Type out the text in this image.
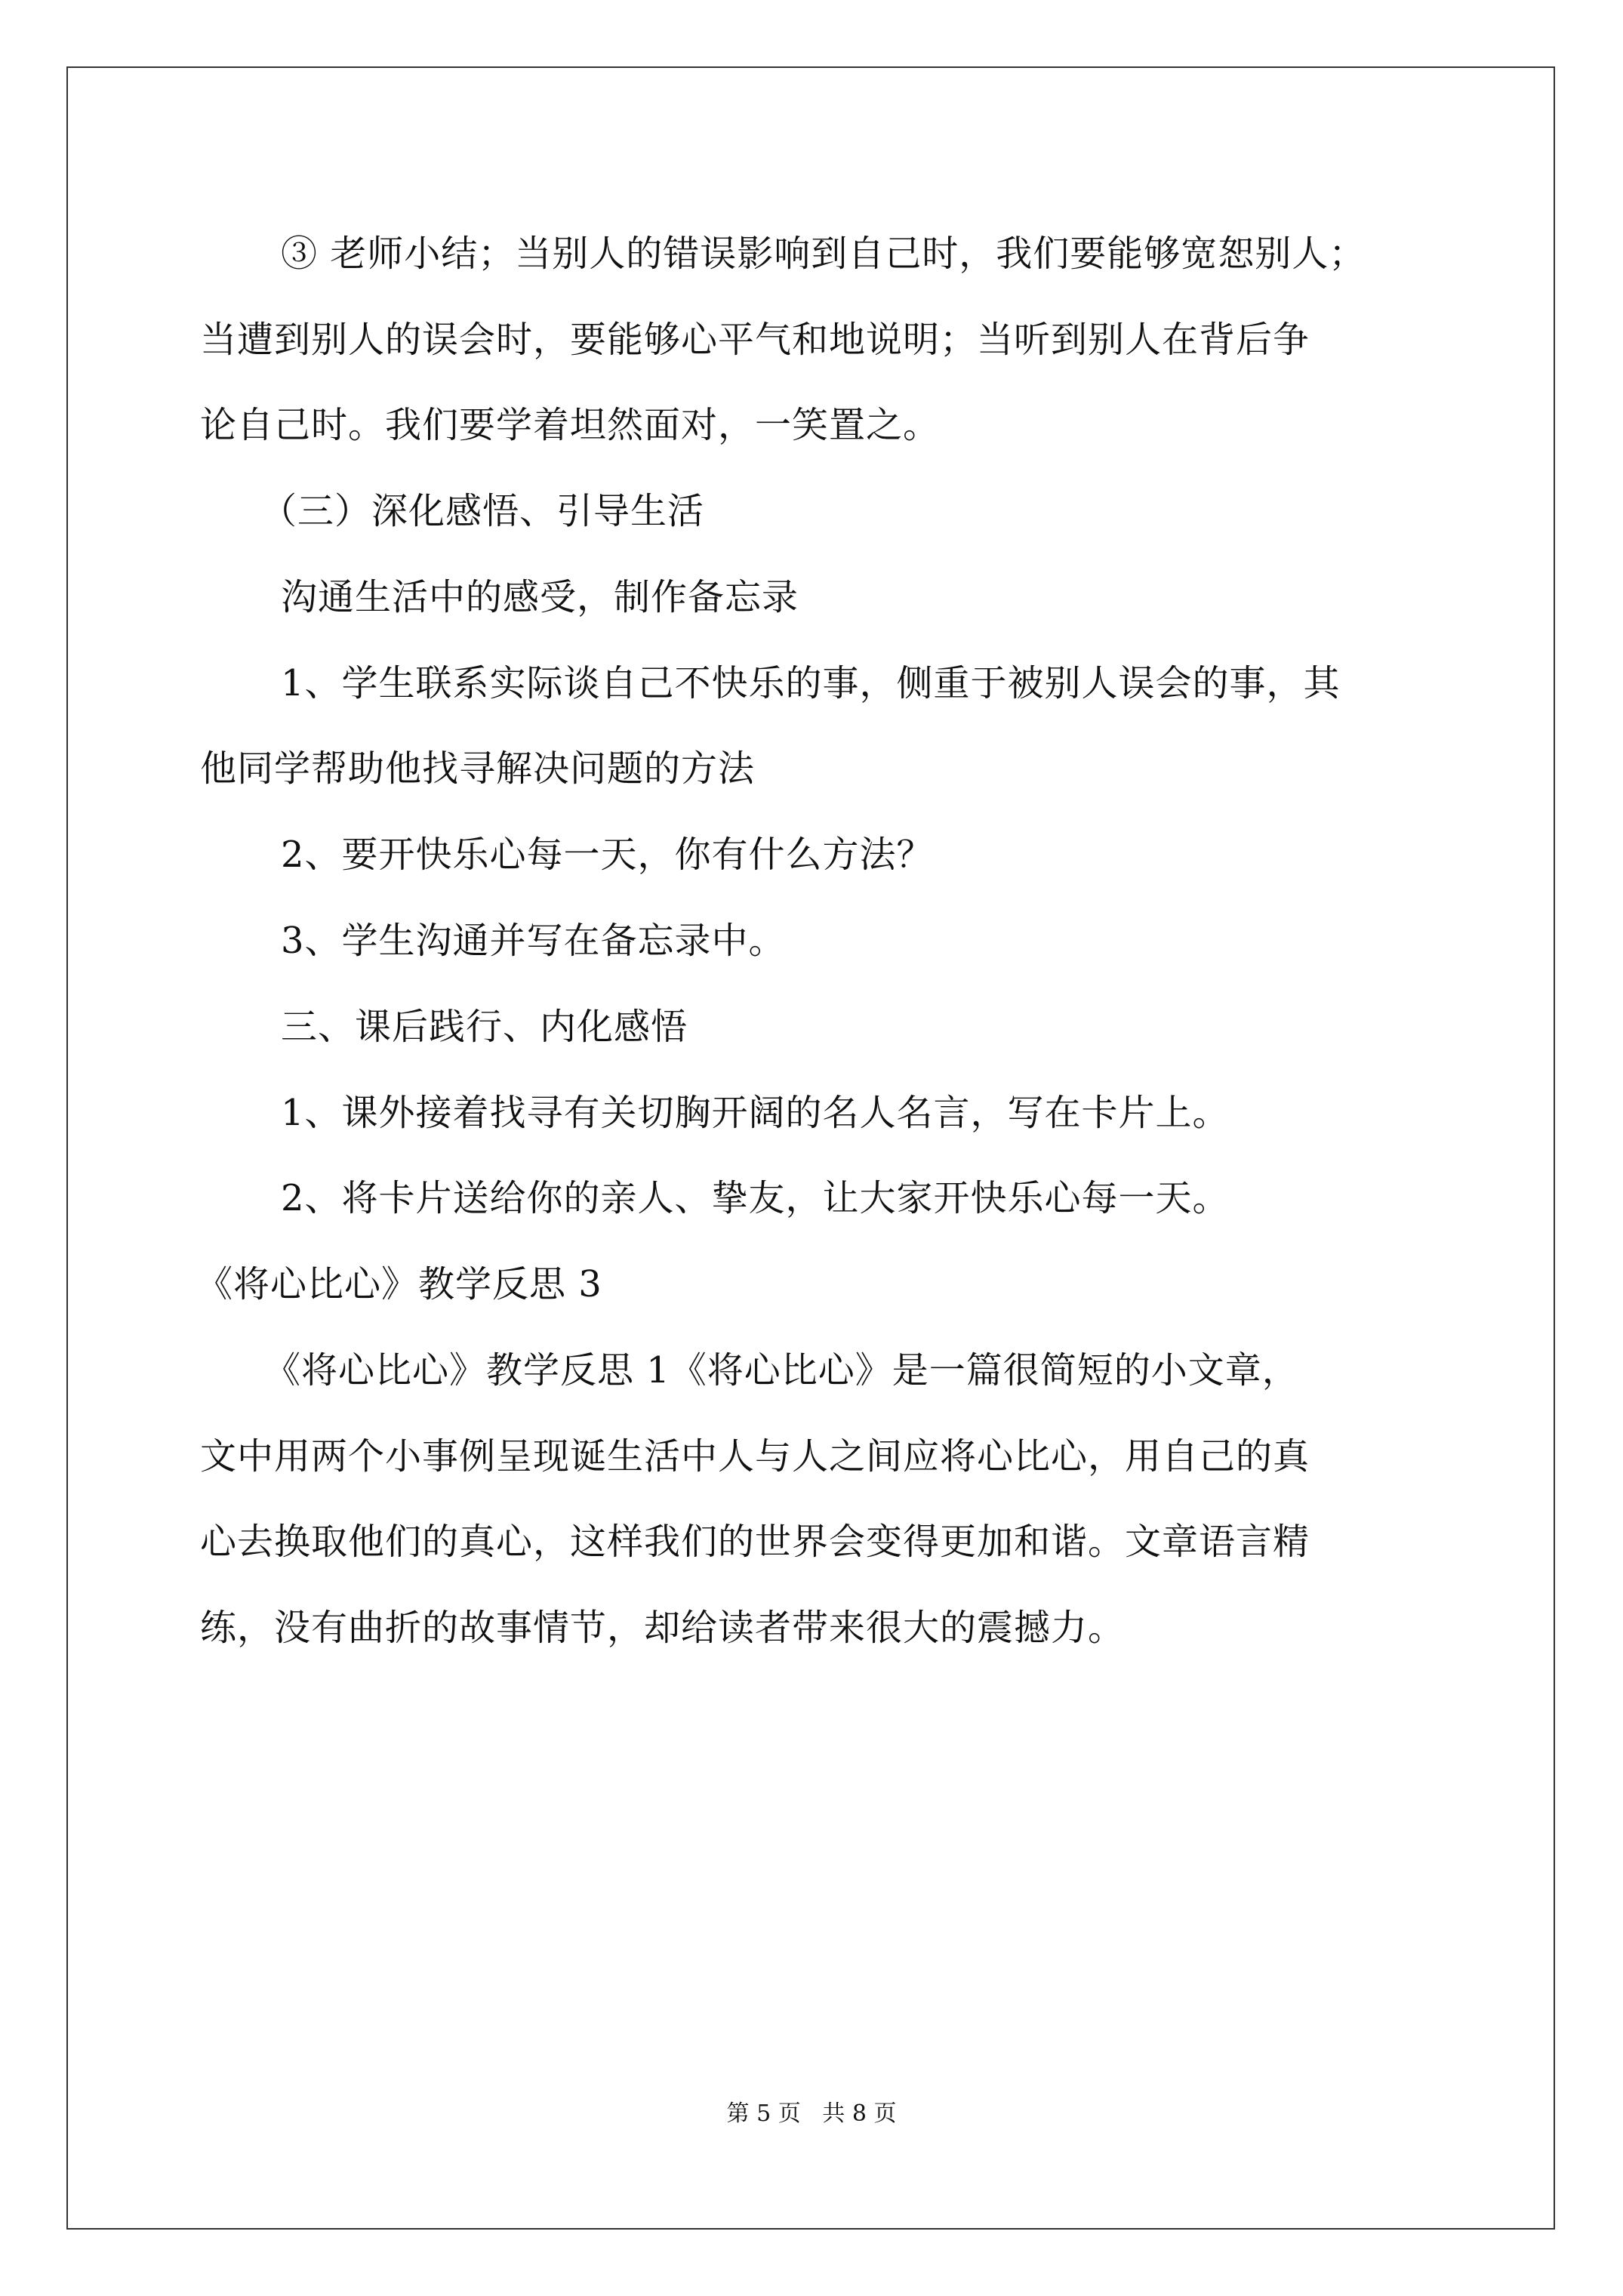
③ 老师小结；当别人的错误影响到自己时，我们要能够宽恕别人；
当遭到别人的误会时，要能够心平气和地说明；当听到别人在背后争
论自己时。我们要学着坦然面对，一笑置之。
（三）深化感悟、引导生活
沟通生活中的感受，制作备忘录
1、学生联系实际谈自己不快乐的事，侧重于被别人误会的事，其
他同学帮助他找寻解决问题的方法
2、要开快乐心每一天，你有什么方法？
3、学生沟通并写在备忘录中。
三、课后践行、内化感悟
1、课外接着找寻有关切胸开阔的名人名言，写在卡片上。
2、将卡片送给你的亲人、挚友，让大家开快乐心每一天。
《将心比心》教学反思 3
《将心比心》教学反思 1《将心比心》是一篇很简短的小文章，
文中用两个小事例呈现诞生活中人与人之间应将心比心，用自己的真
心去换取他们的真心，这样我们的世界会变得更加和谐。文章语言精
练，没有曲折的故事情节，却给读者带来很大的震撼力。
第 5 页   共 8 页
